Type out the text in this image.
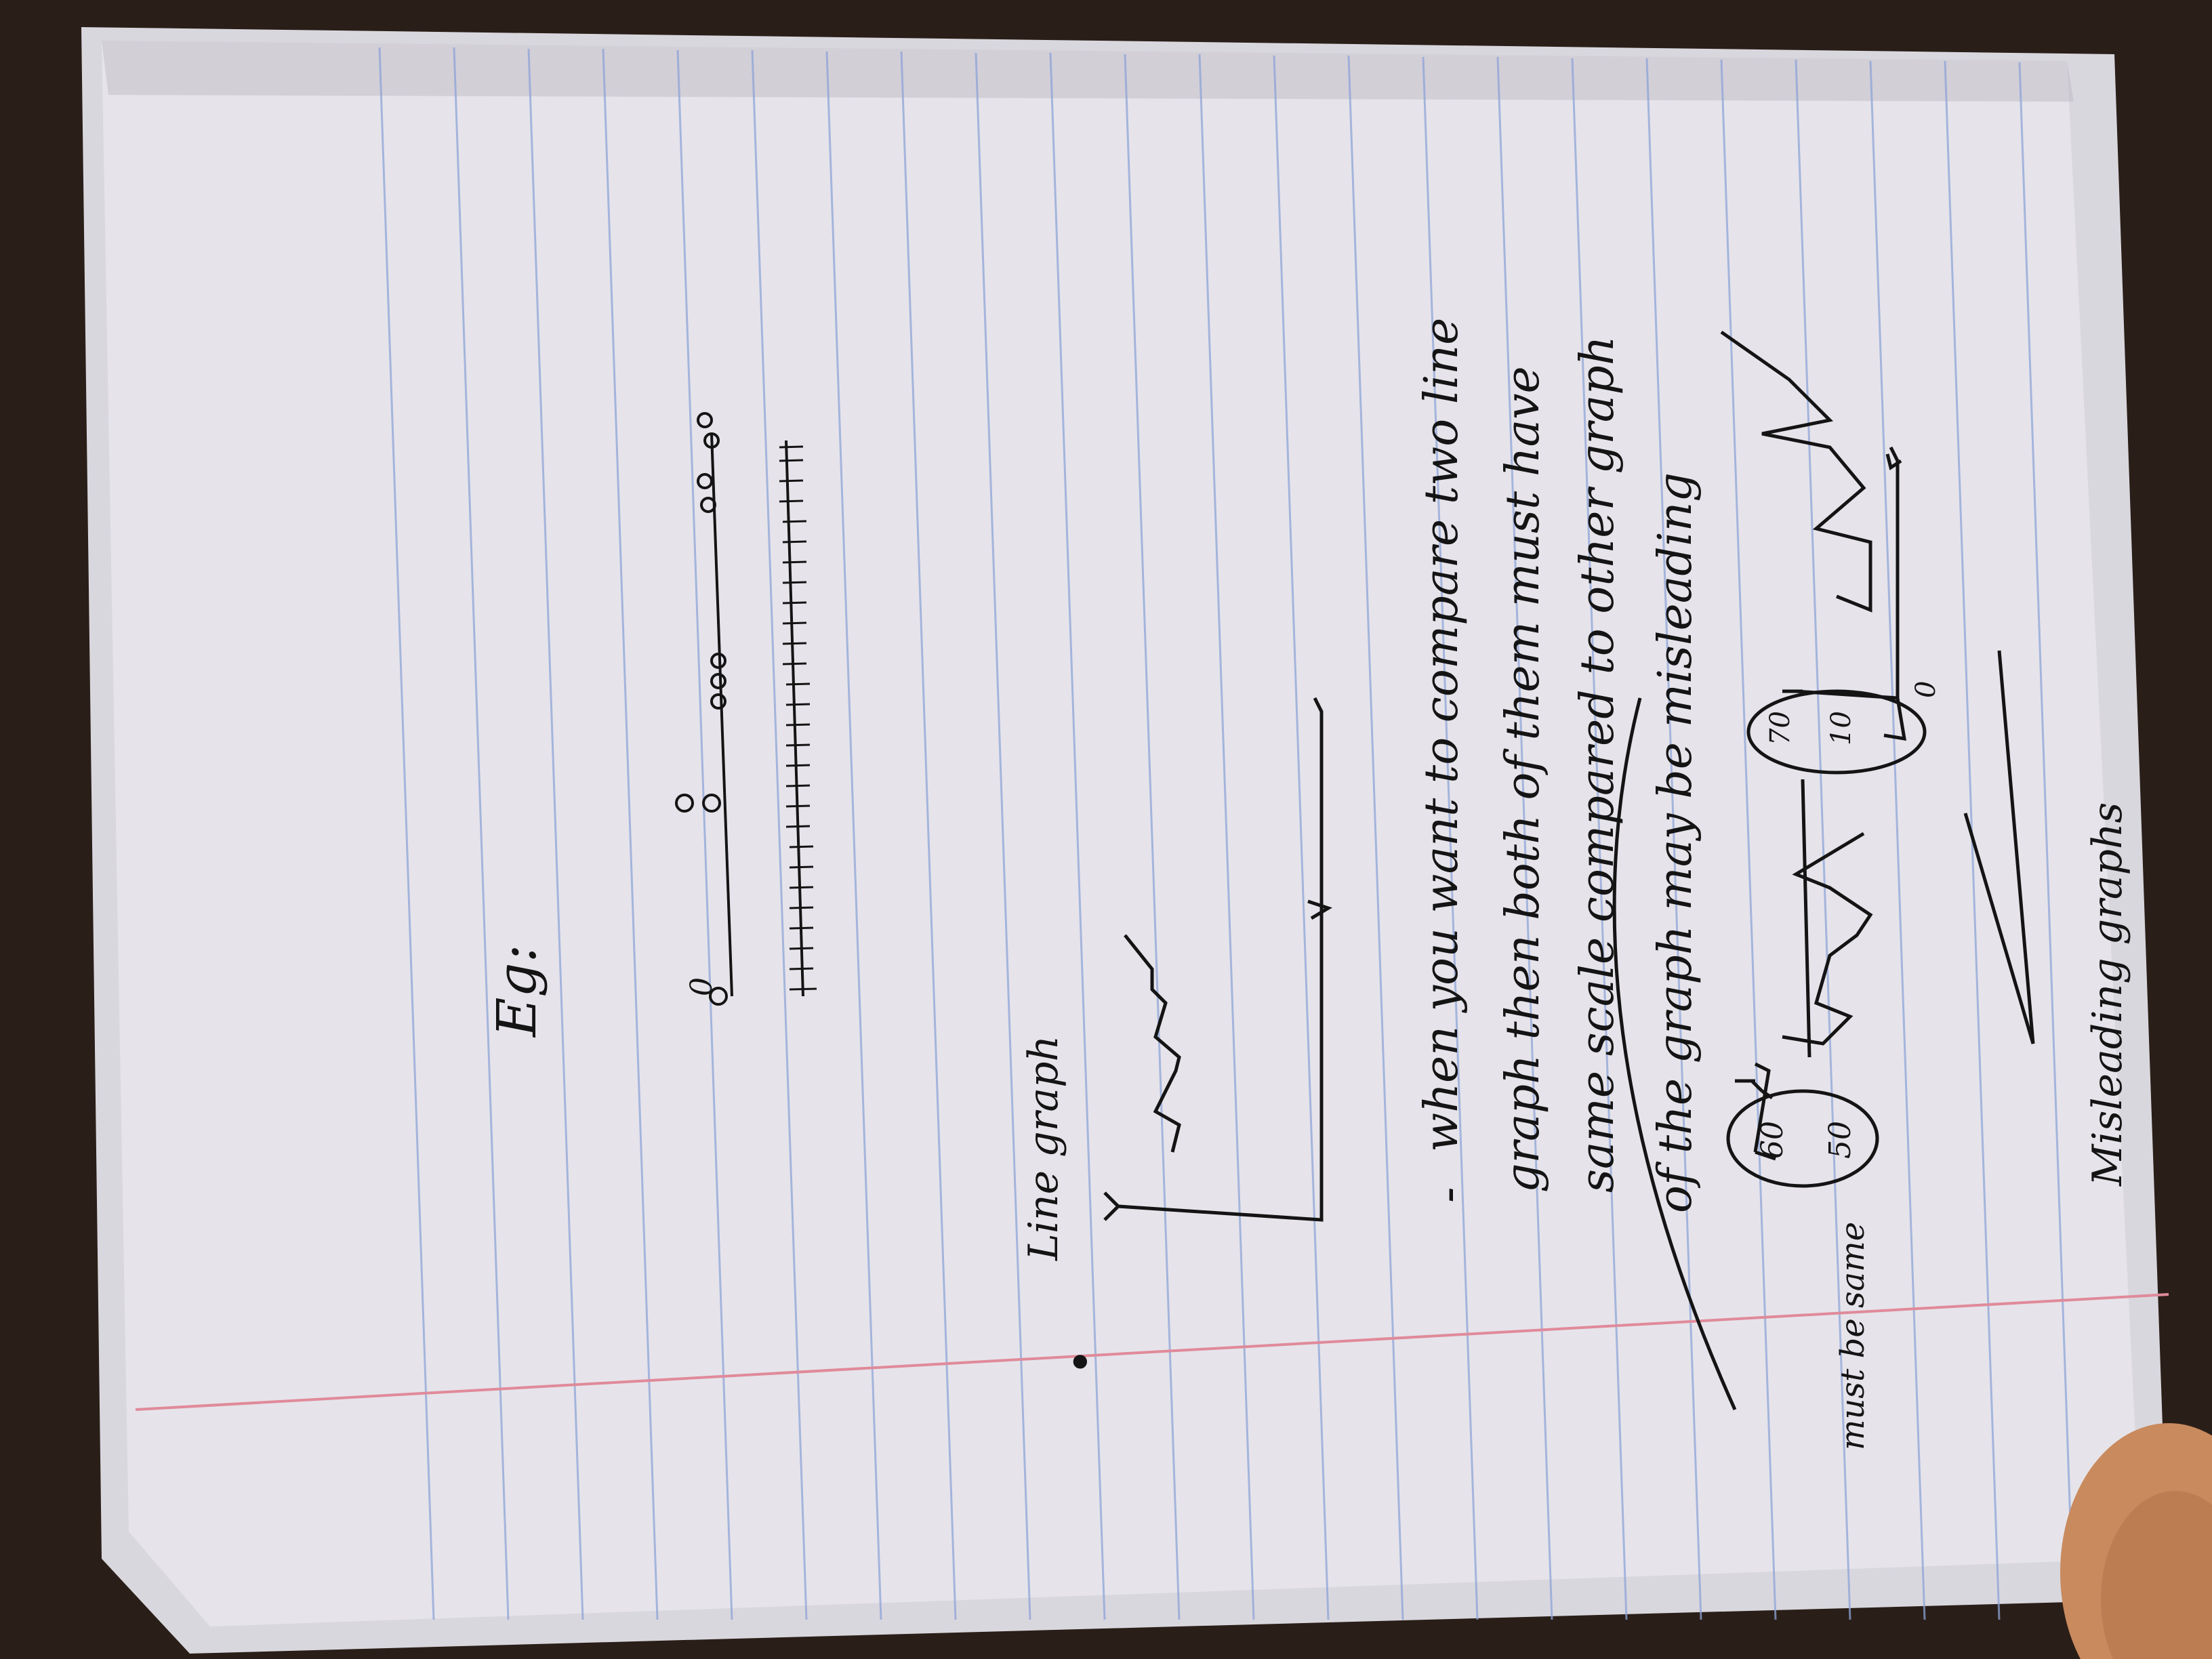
Eg:
•
Line graph	-
when you want to compare two line graph then both of them must have same scale compared to other graph of the graph may be misleading
0
must be same
60 50
70 10
0
Misleading graphs
